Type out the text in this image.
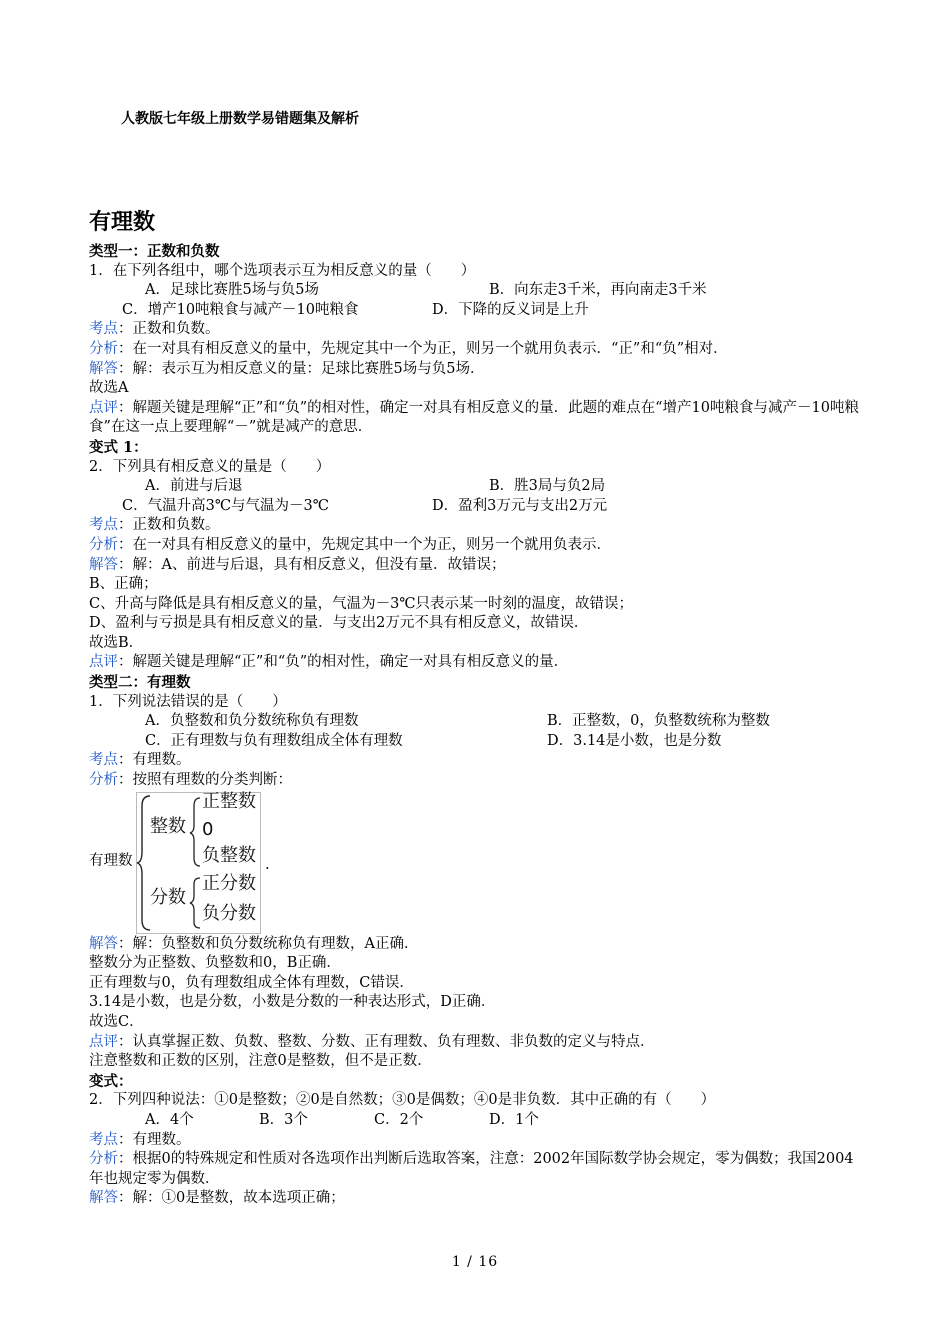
人教版七年级上册数学易错题集及解析
有理数
类型一：正数和负数
1．在下列各组中，哪个选项表示互为相反意义的量（　　）
A．足球比赛胜5场与负5场	B．向东走3千米，再向南走3千米
C．增产10吨粮食与减产－10吨粮食	D．下降的反义词是上升
考点：正数和负数。
分析：在一对具有相反意义的量中，先规定其中一个为正，则另一个就用负表示．“正”和“负”相对．
解答：解：表示互为相反意义的量：足球比赛胜5场与负5场．
故选A
点评：解题关键是理解“正”和“负”的相对性，确定一对具有相反意义的量．此题的难点在“增产10吨粮食与减产－10吨粮食”在这一点上要理解“－”就是减产的意思．
变式 1：
2．下列具有相反意义的量是（　　）
A．前进与后退	B．胜3局与负2局
C．气温升高3℃与气温为－3℃	D．盈利3万元与支出2万元
考点：正数和负数。
分析：在一对具有相反意义的量中，先规定其中一个为正，则另一个就用负表示．
解答：解：A、前进与后退，具有相反意义，但没有量．故错误；
B、正确；
C、升高与降低是具有相反意义的量，气温为－3℃只表示某一时刻的温度，故错误；
D、盈利与亏损是具有相反意义的量．与支出2万元不具有相反意义，故错误．
故选B．
点评：解题关键是理解“正”和“负”的相对性，确定一对具有相反意义的量．
类型二：有理数
1．下列说法错误的是（　　）
A．负整数和负分数统称负有理数	B．正整数，0，负整数统称为整数
C．正有理数与负有理数组成全体有理数	D．3.14是小数，也是分数
考点：有理数。
分析：按照有理数的分类判断：
有理数
整数
正整数
0
负整数
分数
正分数
负分数
.
解答：解：负整数和负分数统称负有理数，A正确．
整数分为正整数、负整数和0，B正确．
正有理数与0，负有理数组成全体有理数，C错误．
3.14是小数，也是分数，小数是分数的一种表达形式，D正确．
故选C．
点评：认真掌握正数、负数、整数、分数、正有理数、负有理数、非负数的定义与特点．
注意整数和正数的区别，注意0是整数，但不是正数．
变式：
2．下列四种说法：①0是整数；②0是自然数；③0是偶数；④0是非负数．其中正确的有（　　）
A．4个	B．3个	C．2个	D．1个
考点：有理数。
分析：根据0的特殊规定和性质对各选项作出判断后选取答案，注意：2002年国际数学协会规定，零为偶数；我国2004年也规定零为偶数．
解答：解：①0是整数，故本选项正确；
1 / 16
